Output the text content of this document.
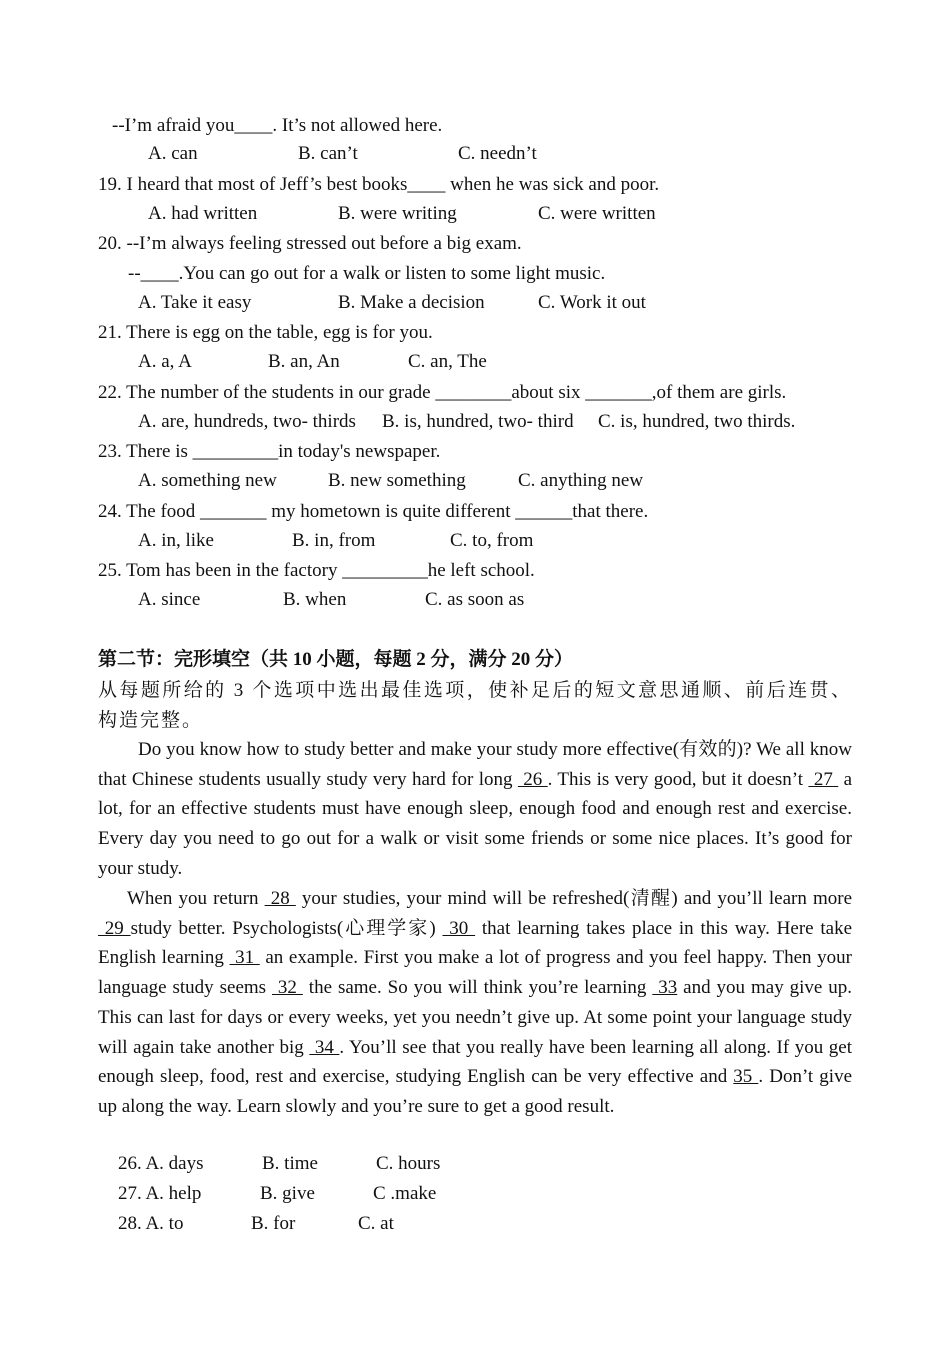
--I’m afraid you____. It’s not allowed here.
A. can	B. can’t	C. needn’t
19. I heard that most of Jeff’s best books____ when he was sick and poor.
A. had written	B. were writing	C. were written
20. --I’m always feeling stressed out before a big exam.
--____.You can go out for a walk or listen to some light music.
A. Take it easy	B. Make a decision	C. Work it out
21. There is egg on the table, egg is for you.
A. a, A	B. an, An	C. an, The
22. The number of the students in our grade ________about six _______,of them are girls.
A. are, hundreds, two- thirds B. is, hundred, two- third C. is, hundred, two thirds.
23. There is _________in today's newspaper.
A. something new	B. new something	C. anything new
24. The food _______ my hometown is quite different ______that there.
A. in, like	B. in, from	C. to, from
25. Tom has been in the factory _________he left school.
A. since	B. when	C. as soon as
第二节：完形填空（共 10 小题，每题 2 分，满分 20 分）
从每题所给的 3 个选项中选出最佳选项，使补足后的短文意思通顺、前后连贯、构造完整。
Do you know how to study better and make your study more effective(有效的)? We all know that Chinese students usually study very hard for long  26 . This is very good, but it doesn’t  27  a lot, for an effective students must have enough sleep, enough food and enough rest and exercise. Every day you need to go out for a walk or visit some friends or some nice places. It’s good for your study.
When you return  28  your studies, your mind will be refreshed(清醒) and you’ll learn more  29 study better. Psychologists(心理学家)  30  that learning takes place in this way. Here take English learning  31  an example. First you make a lot of progress and you feel happy. Then your language study seems  32  the same. So you will think you’re learning  33 and you may give up. This can last for days or every weeks, yet you needn’t give up. At some point your language study will again take another big  34 . You’ll see that you really have been learning all along. If you get enough sleep, food, rest and exercise, studying English can be very effective and 35 . Don’t give up along the way. Learn slowly and you’re sure to get a good result.
26. A. days	B. time	C. hours
27. A. help	B. give	C .make
28. A. to	B. for	C. at
